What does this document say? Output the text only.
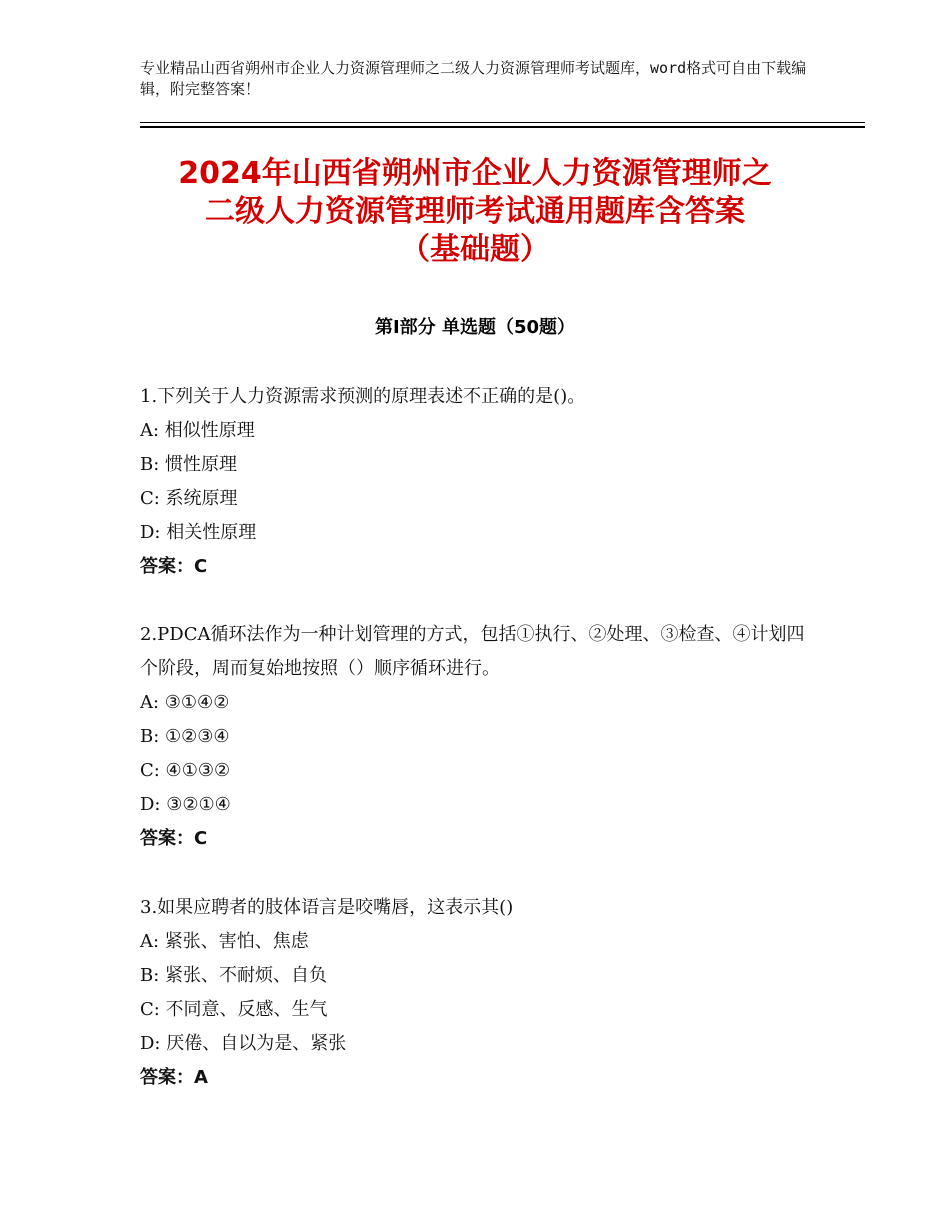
专业精品山西省朔州市企业人力资源管理师之二级人力资源管理师考试题库，word格式可自由下载编辑，附完整答案！
2024年山西省朔州市企业人力资源管理师之
二级人力资源管理师考试通用题库含答案
（基础题）
第Ⅰ部分 单选题（50题）
1.下列关于人力资源需求预测的原理表述不正确的是()。
A: 相似性原理
B: 惯性原理
C: 系统原理
D: 相关性原理
答案：C
2.PDCA循环法作为一种计划管理的方式，包括①执行、②处理、③检查、④计划四个阶段，周而复始地按照（）顺序循环进行。
A: ③①④②
B: ①②③④
C: ④①③②
D: ③②①④
答案：C
3.如果应聘者的肢体语言是咬嘴唇，这表示其()
A: 紧张、害怕、焦虑
B: 紧张、不耐烦、自负
C: 不同意、反感、生气
D: 厌倦、自以为是、紧张
答案：A
